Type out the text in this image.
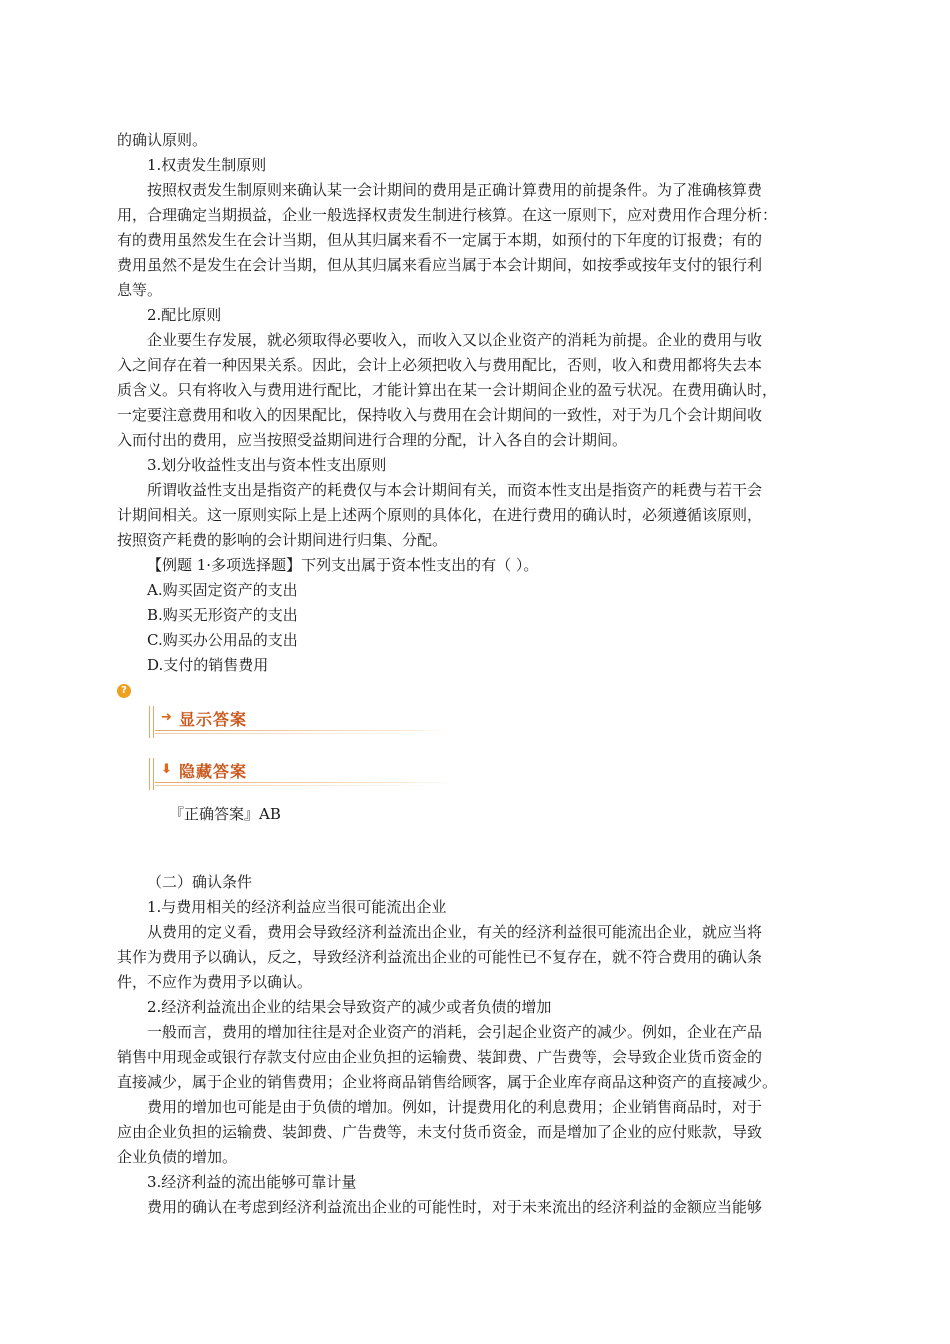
的确认原则。

1.权责发生制原则

按照权责发生制原则来确认某一会计期间的费用是正确计算费用的前提条件。为了准确核算费

用，合理确定当期损益，企业一般选择权责发生制进行核算。在这一原则下，应对费用作合理分析：

有的费用虽然发生在会计当期，但从其归属来看不一定属于本期，如预付的下年度的订报费；有的

费用虽然不是发生在会计当期，但从其归属来看应当属于本会计期间，如按季或按年支付的银行利

息等。

2.配比原则

企业要生存发展，就必须取得必要收入，而收入又以企业资产的消耗为前提。企业的费用与收

入之间存在着一种因果关系。因此，会计上必须把收入与费用配比，否则，收入和费用都将失去本

质含义。只有将收入与费用进行配比，才能计算出在某一会计期间企业的盈亏状况。在费用确认时，

一定要注意费用和收入的因果配比，保持收入与费用在会计期间的一致性，对于为几个会计期间收

入而付出的费用，应当按照受益期间进行合理的分配，计入各自的会计期间。

3.划分收益性支出与资本性支出原则

所谓收益性支出是指资产的耗费仅与本会计期间有关，而资本性支出是指资产的耗费与若干会

计期间相关。这一原则实际上是上述两个原则的具体化，在进行费用的确认时，必须遵循该原则，

按照资产耗费的影响的会计期间进行归集、分配。

【例题 1·多项选择题】下列支出属于资本性支出的有（ ）。

A.购买固定资产的支出

B.购买无形资产的支出

C.购买办公用品的支出

D.支付的销售费用

?
➜ 显示答案
⬇ 隐藏答案

『正确答案』AB

（二）确认条件

1.与费用相关的经济利益应当很可能流出企业

从费用的定义看，费用会导致经济利益流出企业，有关的经济利益很可能流出企业，就应当将

其作为费用予以确认，反之，导致经济利益流出企业的可能性已不复存在，就不符合费用的确认条

件，不应作为费用予以确认。

2.经济利益流出企业的结果会导致资产的减少或者负债的增加

一般而言，费用的增加往往是对企业资产的消耗，会引起企业资产的减少。例如，企业在产品

销售中用现金或银行存款支付应由企业负担的运输费、装卸费、广告费等，会导致企业货币资金的

直接减少，属于企业的销售费用；企业将商品销售给顾客，属于企业库存商品这种资产的直接减少。

费用的增加也可能是由于负债的增加。例如，计提费用化的利息费用；企业销售商品时，对于

应由企业负担的运输费、装卸费、广告费等，未支付货币资金，而是增加了企业的应付账款，导致

企业负债的增加。

3.经济利益的流出能够可靠计量

费用的确认在考虑到经济利益流出企业的可能性时，对于未来流出的经济利益的金额应当能够
